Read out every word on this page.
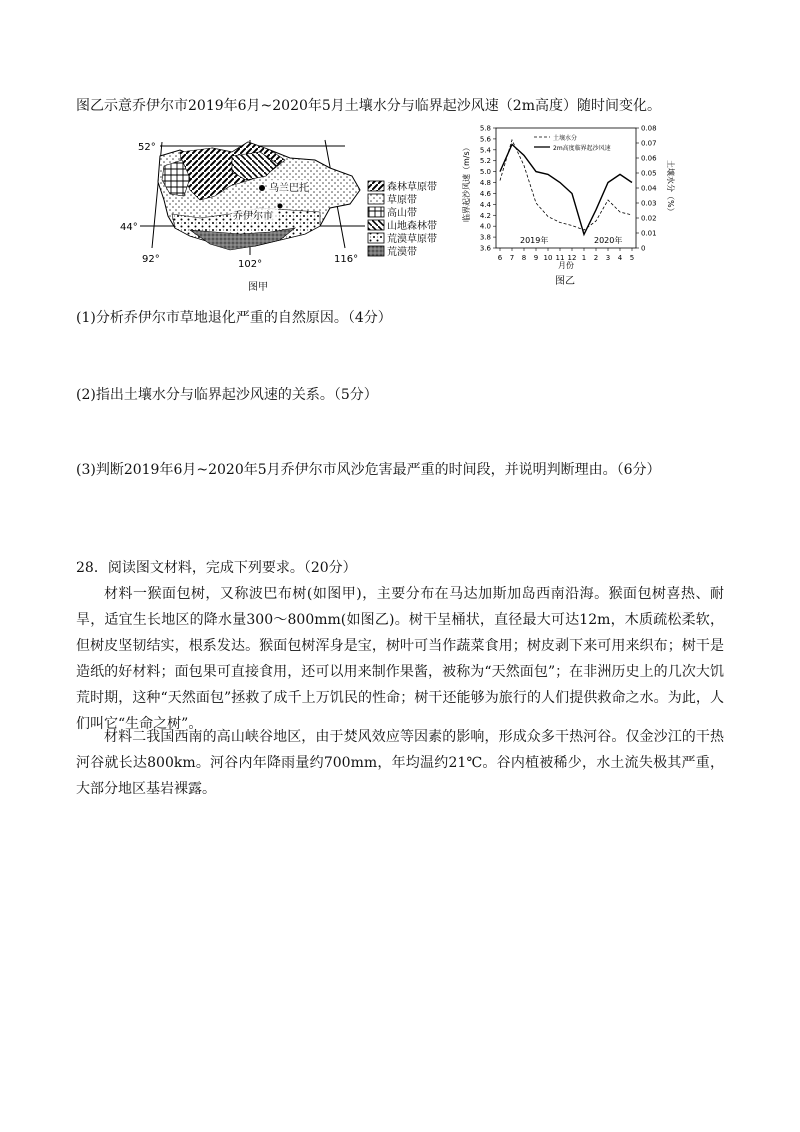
图乙示意乔伊尔市2019年6月~2020年5月土壤水分与临界起沙风速（2m高度）随时间变化。
乌兰巴托
乔伊尔市
52°
44°
92°	102°	116°
森林草原带
草原带
高山带
山地森林带
荒漠草原带
荒漠带
图甲
3.6
3.8
4.0
4.2
4.4
4.6
4.8
5.0
5.2
5.4
5.6
5.8
0
0.01
0.02
0.03
0.04
0.05
0.06
0.07
0.08
6 7 8 9 10 11 12 1 2 3 4 5
临界起沙风速（m/s）	土壤水分（%）
月份
2019年	2020年
图乙
土壤水分
2m高度临界起沙风速
(1)分析乔伊尔市草地退化严重的自然原因。（4分）
(2)指出土壤水分与临界起沙风速的关系。（5分）
(3)判断2019年6月~2020年5月乔伊尔市风沙危害最严重的时间段，并说明判断理由。（6分）
28．阅读图文材料，完成下列要求。（20分）
材料一猴面包树，又称波巴布树(如图甲)，主要分布在马达加斯加岛西南沿海。猴面包树喜热、耐旱，适宜生长地区的降水量300～800mm(如图乙)。树干呈桶状，直径最大可达12m，木质疏松柔软，但树皮坚韧结实，根系发达。猴面包树浑身是宝，树叶可当作蔬菜食用；树皮剥下来可用来织布；树干是造纸的好材料；面包果可直接食用，还可以用来制作果酱，被称为“天然面包”；在非洲历史上的几次大饥荒时期，这种“天然面包”拯救了成千上万饥民的性命；树干还能够为旅行的人们提供救命之水。为此，人们叫它“生命之树”。
材料二我国西南的高山峡谷地区，由于焚风效应等因素的影响，形成众多干热河谷。仅金沙江的干热河谷就长达800km。河谷内年降雨量约700mm，年均温约21℃。谷内植被稀少，水土流失极其严重，大部分地区基岩裸露。
